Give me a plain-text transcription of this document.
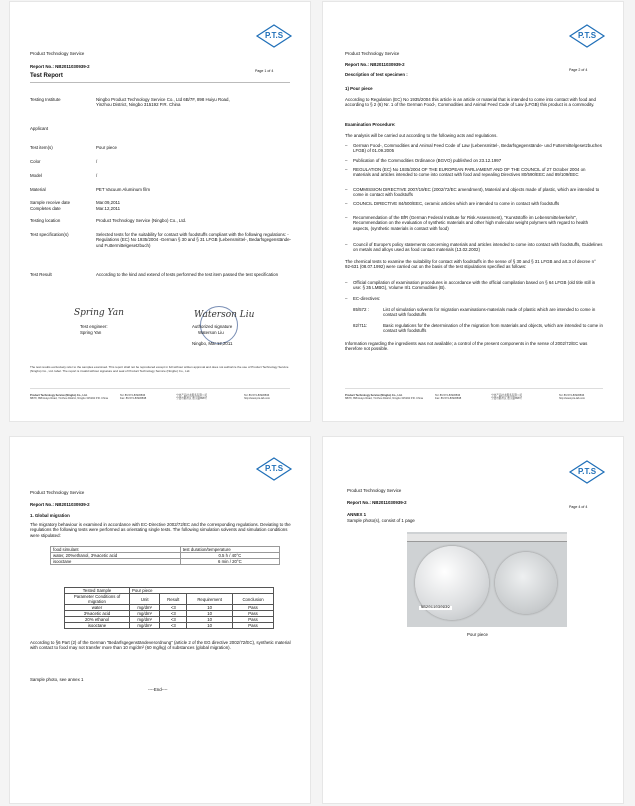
P.T.S
Product Technology Service
Report No.: NB2011030939-2
Page 1 of 4
Test Report
Testing Institute	Ningbo Product Technology Service Co., Ltd 6B/7F, 898 Huiyu Road, Yinzhou District, Ningbo 315192 P.R. China
Applicant
Test item(s)	Pour piece
Color	/
Model	/
Material	PET Vacuum Aluminum film
Sample receive date	Mar.09,2011
Completes date	Mar.12,2011
Testing location	Product Technology Service (Ningbo) Co., Ltd.
Test specification(s)	Selected tests for the suitability for contact with foodstuffs compliant with the following regulations: -Regulations (EC) No 1935/2004 -German § 30 and § 31 LFGB (Lebensmittel-, Bedarfsgegenstände- und Futtermittelgesetzbuch)
Test Result	According to the kind and extend of tests performed the test item passed the test specification
Spring Yan
Test engineer:
Spring Yan
Waterson Liu
Authorized signature
Waterson Liu
Ningbo, Mar.12,2011
The test results exclusively refer to the samples examined. This report shall not be reproduced except in full without written approval and does not authorize the use of Product Technology Service (Ningbo) Co., Ltd. label. The report is invalid without signature and seal of Product Technology Service (Ningbo) Co., Ltd.
Product Technology Service (Ningbo) Co., Ltd.
6B/7F, 898 Huiyu Road, Yinzhou District, Ningbo 315192 P.R. China
Tel: 86-574-83936836
Fax: 86-574-83936838
宁波产品技术服务有限公司
宁波市鄞州区 惠宇路898号
Tel: 86-574-83936836
http://www.pts-lab.com
P.T.S
Product Technology Service
Report No.: NB2011030939-2
Page 2 of 4
Description of test specimen :
1) Pour piece
According to Regulation (EC) No 1935/2004 this article is an article or material that is intended to come into contact with food and according to § 2 (6) Nr. 1 of the German Food-, Commodities and Animal Feed Code of Law (LFGB) this product is a commodity.
Examination Procedure:
The analysis will be carried out according to the following acts and regulations.
– German Food-, Commodities and Animal Feed Code of Law (Lebensmittel-, Bedarfsgegenstände- und Futtermittelgesetzbuches LFGB) of 01.09.2005
– Publication of the Commodities Ordinance (BGVO) published on 23.12.1997
– REGULATION (EC) No 1935/2004 OF THE EUROPEAN PARLIAMENT AND OF THE COUNCIL of 27 October 2004 on materials and articles intended to come into contact with food and repealing Directives 80/590/EEC and 89/109/EEC
– COMMISSION DIRECTIVE 2007/19/EC (2002/72/EC amendment), Material and objects made of plastic, which are intended to come in contact with foodstuffs
– COUNCIL DIRECTIVE 84/500/EEC, ceramic articles which are intended to come in contact with foodstuffs
– Recommendation of the BfR (German Federal Institute for Risk Assessment), "Kunststoffe im Lebensmittelverkehr", Recommendation on the evaluation of synthetic materials and other high molecular weight polymers with regard to health aspects, (synthetic materials in contact with food)
– Council of Europe's policy statements concerning materials and articles intended to come into contact with foodstuffs, Guidelines on metals and alloys used as food contact materials (13.02.2002)
The chemical tests to examine the suitability for contact with foodstuffs in the sense of § 30 and § 31 LFGB and art.3 of decree n° 92-631 (08.07.1992) were carried out on the basis of the test stipulations specified as follows:
– Official compilation of examination procedures in accordance with the official compilation based on § 64 LFGB (old title still in use: § 35 LMBG), Volume II/1 Commodities (B).
– EC-directives:
85/572 :	List of simulation solvents for migration examinations-materials made of plastic which are intended to come in contact with foodstuffs
82/711:	Basic regulations for the determination of the migration from materials and objects, which are intended to come in contact with foodstuffs
Information regarding the ingredients was not available; a control of the present components in the sense of 2002/72/EC was therefore not possible.
Product Technology Service (Ningbo) Co., Ltd.
6B/7F, 898 Huiyu Road, Yinzhou District, Ningbo 315192 P.R. China
Tel: 86-574-83936836
Fax: 86-574-83936838
宁波产品技术服务有限公司
宁波市鄞州区 惠宇路898号
Tel: 86-574-83936836
http://www.pts-lab.com
P.T.S
Product Technology Service
Report No.: NB2011030939-2
1. Global migration
The migratory behaviour is examined in accordance with EC-Directive 2002/72/EC and the corresponding regulations. Deviating to the regulations the following tests were performed as orientating single tests. The following simulation solvents and simulation conditions were stipulated:
food simulant	test duration/temperature
water, 20%ethanol, 3%acetic acid	0.5 h / 40°C
isooctane	6 min / 20°C
Tested Sample	Pour piece			
Parameter Conditions of migration	Unit	Result	Requirement	Conclusion
water	mg/dm²	<3	10	Pass
3%acetic acid	mg/dm²	<3	10	Pass
20% ethanol	mg/dm²	<3	10	Pass
isooctane	mg/dm²	<3	10	Pass
According to §6 Part (2) of the German "Bedarfsgegenständeverordnung" (article 2 of the EG directive 2002/72/EC), synthetic material with contact to food may not transfer more than 10 mg/dm² (60 mg/kg) of substances (global migration).
Sample photo, see annex 1
----End----
P.T.S
Product Technology Service
Report No.: NB2011030939-2
Page 4 of 4
ANNEX 1
Sample photo(s), consist of 1 page
NB2011030939
Pour piece
